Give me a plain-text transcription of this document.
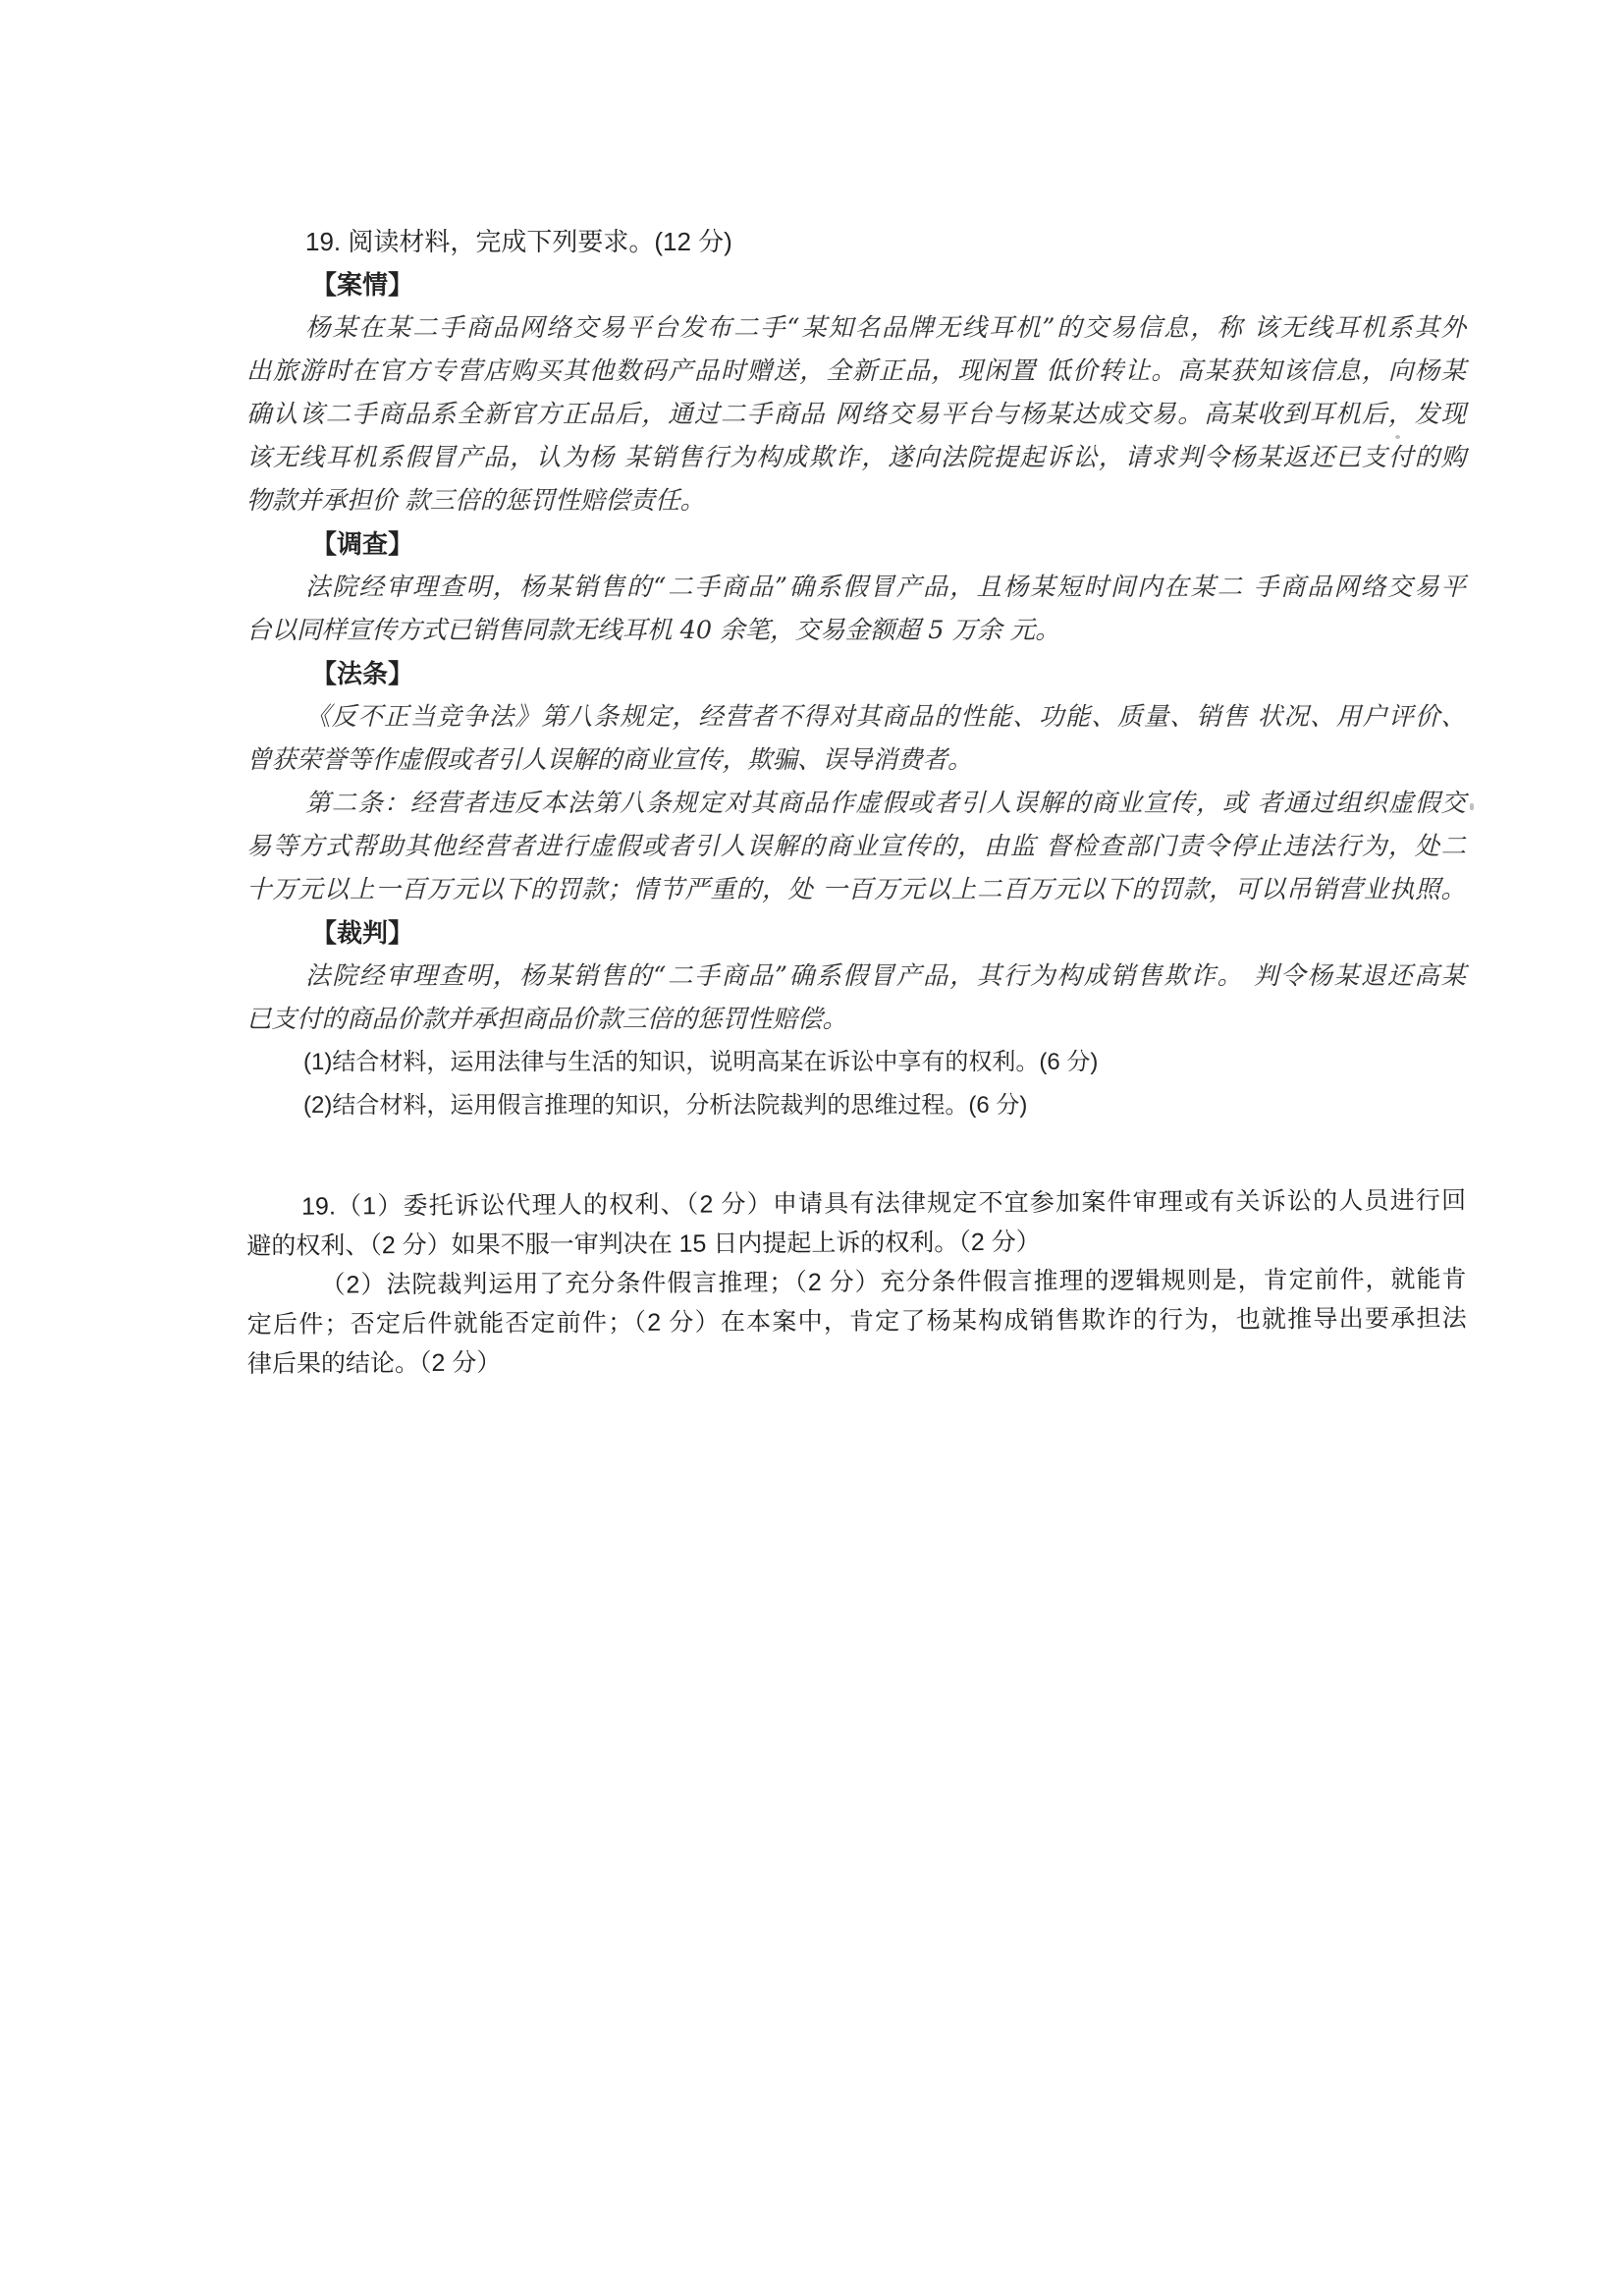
19. 阅读材料，完成下列要求。(12 分)
【案情】
杨某在某二手商品网络交易平台发布二手“某知名品牌无线耳机”的交易信息，称 该无线耳机系其外
出旅游时在官方专营店购买其他数码产品时赠送，全新正品，现闲置 低价转让。高某获知该信息，向杨某
确认该二手商品系全新官方正品后，通过二手商品 网络交易平台与杨某达成交易。高某收到耳机后，发现
该无线耳机系假冒产品，认为杨 某销售行为构成欺诈，遂向法院提起诉讼，请求判令杨某返还已支付的购
物款并承担价 款三倍的惩罚性赔偿责任。
【调查】
法院经审理查明，杨某销售的“二手商品”确系假冒产品，且杨某短时间内在某二 手商品网络交易平
台以同样宣传方式已销售同款无线耳机 40 余笔，交易金额超 5 万余 元。
【法条】
《反不正当竞争法》第八条规定，经营者不得对其商品的性能、功能、质量、销售 状况、用户评价、
曾获荣誉等作虚假或者引人误解的商业宣传，欺骗、误导消费者。
第二条：经营者违反本法第八条规定对其商品作虚假或者引人误解的商业宣传，或 者通过组织虚假交
易等方式帮助其他经营者进行虚假或者引人误解的商业宣传的，由监 督检查部门责令停止违法行为，处二
十万元以上一百万元以下的罚款；情节严重的，处 一百万元以上二百万元以下的罚款，可以吊销营业执照。
【裁判】
法院经审理查明，杨某销售的“二手商品”确系假冒产品，其行为构成销售欺诈。 判令杨某退还高某
已支付的商品价款并承担商品价款三倍的惩罚性赔偿。
(1)结合材料，运用法律与生活的知识，说明高某在诉讼中享有的权利。(6 分)
(2)结合材料，运用假言推理的知识，分析法院裁判的思维过程。(6 分)
19.（1）委托诉讼代理人的权利、（2 分）申请具有法律规定不宜参加案件审理或有关诉讼的人员进行回
避的权利、（2 分）如果不服一审判决在 15 日内提起上诉的权利。（2 分）
（2）法院裁判运用了充分条件假言推理；（2 分）充分条件假言推理的逻辑规则是，肯定前件，就能肯
定后件；否定后件就能否定前件；（2 分）在本案中，肯定了杨某构成销售欺诈的行为，也就推导出要承担法
律后果的结论。（2 分）
